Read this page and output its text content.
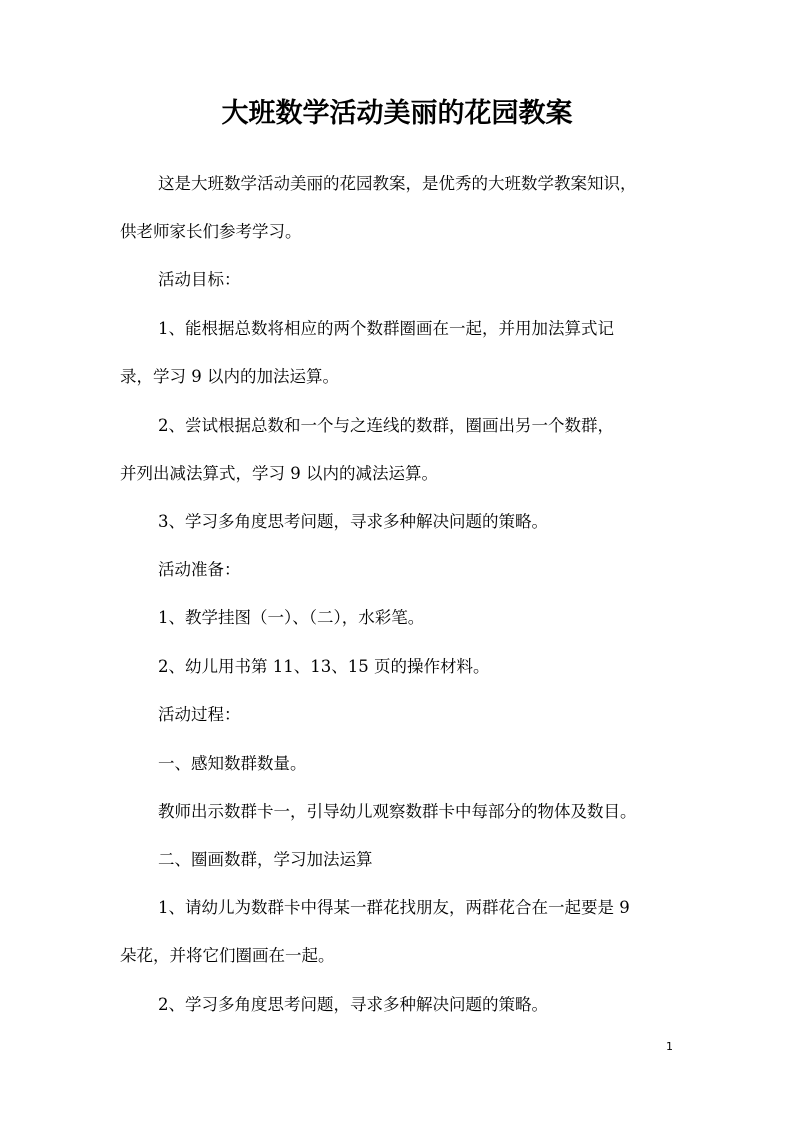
大班数学活动美丽的花园教案
这是大班数学活动美丽的花园教案，是优秀的大班数学教案知识，
供老师家长们参考学习。
活动目标：
1、能根据总数将相应的两个数群圈画在一起，并用加法算式记
录，学习 9 以内的加法运算。
2、尝试根据总数和一个与之连线的数群，圈画出另一个数群，
并列出减法算式，学习 9 以内的减法运算。
3、学习多角度思考问题，寻求多种解决问题的策略。
活动准备：
1、教学挂图（一）、（二），水彩笔。
2、幼儿用书第 11、13、15 页的操作材料。
活动过程：
一、感知数群数量。
教师出示数群卡一，引导幼儿观察数群卡中每部分的物体及数目。
二、圈画数群，学习加法运算
1、请幼儿为数群卡中得某一群花找朋友，两群花合在一起要是 9
朵花，并将它们圈画在一起。
2、学习多角度思考问题，寻求多种解决问题的策略。
1
